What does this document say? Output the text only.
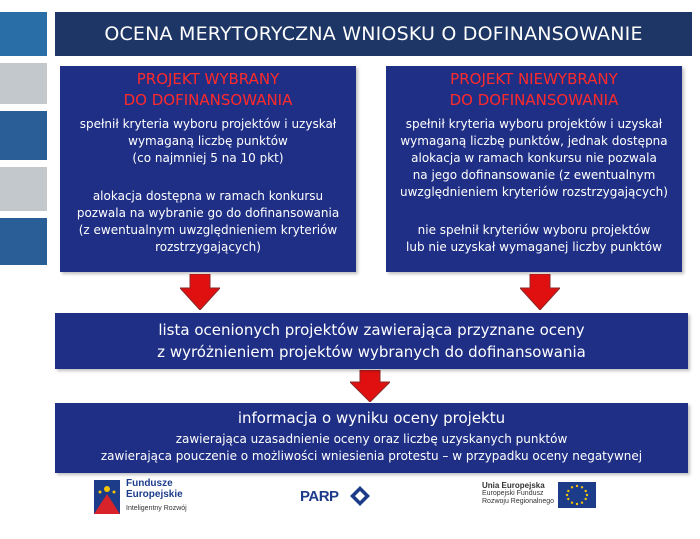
OCENA MERYTORYCZNA WNIOSKU O DOFINANSOWANIE
PROJEKT WYBRANY
DO DOFINANSOWANIA
spełnił kryteria wyboru projektów i uzyskał
wymaganą liczbę punktów
(co najmniej 5 na 10 pkt)
alokacja dostępna w ramach konkursu
pozwala na wybranie go do dofinansowania
(z ewentualnym uwzględnieniem kryteriów
rozstrzygających)
PROJEKT NIEWYBRANY
DO DOFINANSOWANIA
spełnił kryteria wyboru projektów i uzyskał
wymaganą liczbę punktów, jednak dostępna
alokacja w ramach konkursu nie pozwala
na jego dofinansowanie (z ewentualnym
uwzględnieniem kryteriów rozstrzygających)
nie spełnił kryteriów wyboru projektów
lub nie uzyskał wymaganej liczby punktów
lista ocenionych projektów zawierająca przyznane oceny
z wyróżnieniem projektów wybranych do dofinansowania
informacja o wyniku oceny projektu
zawierająca uzasadnienie oceny oraz liczbę uzyskanych punktów
zawierająca pouczenie o możliwości wniesienia protestu – w przypadku oceny negatywnej
Fundusze
Europejskie
Inteligentny Rozwój
PARP
Unia Europejska
Europejski Fundusz
Rozwoju Regionalnego
